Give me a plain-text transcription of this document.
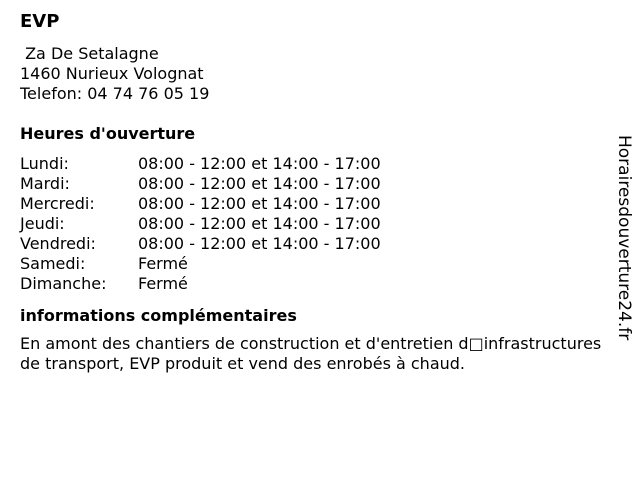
EVP
Za De Setalagne
1460 Nurieux Volognat
Telefon: 04 74 76 05 19
Heures d'ouverture
Lundi:	08:00 - 12:00 et 14:00 - 17:00
Mardi:	08:00 - 12:00 et 14:00 - 17:00
Mercredi:	08:00 - 12:00 et 14:00 - 17:00
Jeudi:	08:00 - 12:00 et 14:00 - 17:00
Vendredi:	08:00 - 12:00 et 14:00 - 17:00
Samedi:	Fermé
Dimanche:	Fermé
informations complémentaires
En amont des chantiers de construction et d'entretien d□infrastructures de transport, EVP produit et vend des enrobés à chaud.
Horairesdouverture24.fr
